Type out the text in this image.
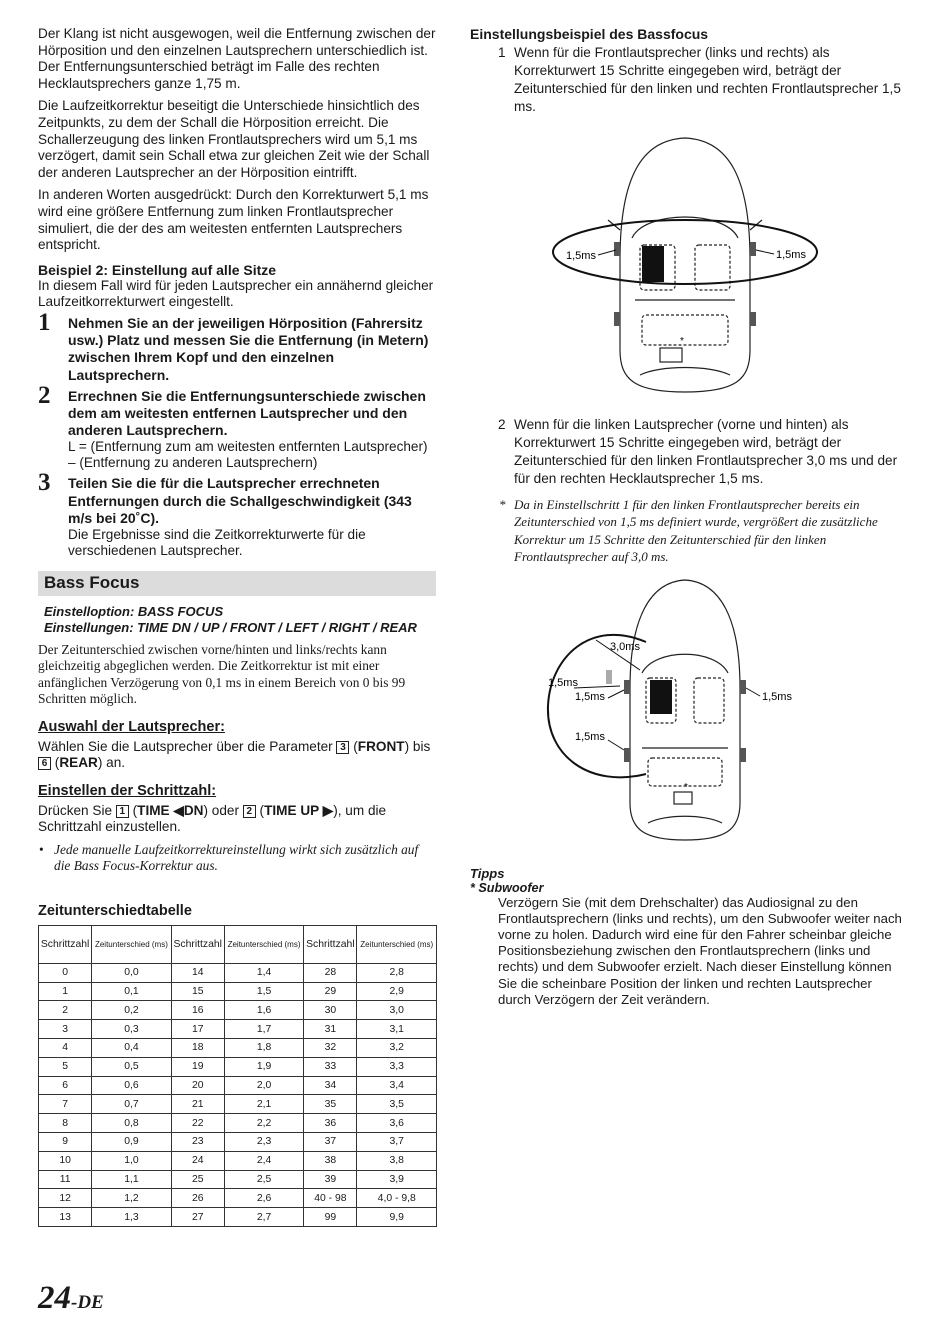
Der Klang ist nicht ausgewogen, weil die Entfernung zwischen der Hörposition und den einzelnen Lautsprechern unterschiedlich ist.

Der Entfernungsunterschied beträgt im Falle des rechten Hecklautsprechers ganze 1,75 m.

Die Laufzeitkorrektur beseitigt die Unterschiede hinsichtlich des Zeitpunkts, zu dem der Schall die Hörposition erreicht. Die Schallerzeugung des linken Frontlautsprechers wird um 5,1 ms verzögert, damit sein Schall etwa zur gleichen Zeit wie der Schall der anderen Lautsprecher an der Hörposition eintrifft.

In anderen Worten ausgedrückt: Durch den Korrekturwert 5,1 ms wird eine größere Entfernung zum linken Frontlautsprecher simuliert, die der des am weitesten entfernten Lautsprechers entspricht.

Beispiel 2: Einstellung auf alle Sitze

In diesem Fall wird für jeden Lautsprecher ein annähernd gleicher Laufzeitkorrekturwert eingestellt.

1 Nehmen Sie an der jeweiligen Hörposition (Fahrersitz usw.) Platz und messen Sie die Entfernung (in Metern) zwischen Ihrem Kopf und den einzelnen Lautsprechern.
2 Errechnen Sie die Entfernungsunterschiede zwischen dem am weitesten entfernen Lautsprecher und den anderen Lautsprechern.
L = (Entfernung zum am weitesten entfernten Lautsprecher) – (Entfernung zu anderen Lautsprechern)
3 Teilen Sie die für die Lautsprecher errechneten Entfernungen durch die Schallgeschwindigkeit (343 m/s bei 20˚C).
Die Ergebnisse sind die Zeitkorrekturwerte für die verschiedenen Lautsprecher.
Bass Focus
Einstelloption: BASS FOCUS
Einstellungen: TIME DN / UP / FRONT / LEFT / RIGHT / REAR

Der Zeitunterschied zwischen vorne/hinten und links/rechts kann gleichzeitig abgeglichen werden. Die Zeitkorrektur ist mit einer anfänglichen Verzögerung von 0,1 ms in einem Bereich von 0 bis 99 Schritten möglich.

Auswahl der Lautsprecher:

Wählen Sie die Lautsprecher über die Parameter 3 (FRONT) bis 6 (REAR) an.

Einstellen der Schrittzahl:

Drücken Sie 1 (TIME ◀DN) oder 2 (TIME UP ▶), um die Schrittzahl einzustellen.

• Jede manuelle Laufzeitkorrektureinstellung wirkt sich zusätzlich auf die Bass Focus-Korrektur aus.
Zeitunterschiedtabelle
Schrittzahl	Zeitunterschied (ms)	Schrittzahl	Zeitunterschied (ms)	Schrittzahl	Zeitunterschied (ms)
0	0,0	14	1,4	28	2,8
1	0,1	15	1,5	29	2,9
2	0,2	16	1,6	30	3,0
3	0,3	17	1,7	31	3,1
4	0,4	18	1,8	32	3,2
5	0,5	19	1,9	33	3,3
6	0,6	20	2,0	34	3,4
7	0,7	21	2,1	35	3,5
8	0,8	22	2,2	36	3,6
9	0,9	23	2,3	37	3,7
10	1,0	24	2,4	38	3,8
11	1,1	25	2,5	39	3,9
12	1,2	26	2,6	40 - 98	4,0 - 9,8
13	1,3	27	2,7	99	9,9
24-DE
Einstellungsbeispiel des Bassfocus
1 Wenn für die Frontlautsprecher (links und rechts) als Korrekturwert 15 Schritte eingegeben wird, beträgt der Zeitunterschied für den linken und rechten Frontlautsprecher 1,5 ms.
1,5ms	1,5ms
*
2 Wenn für die linken Lautsprecher (vorne und hinten) als Korrekturwert 15 Schritte eingegeben wird, beträgt der Zeitunterschied für den linken Frontlautsprecher 3,0 ms und der für den rechten Hecklautsprecher 1,5 ms.
* Da in Einstellschritt 1 für den linken Frontlautsprecher bereits ein Zeitunterschied von 1,5 ms definiert wurde, vergrößert die zusätzliche Korrektur um 15 Schritte den Zeitunterschied für den linken Frontlautsprecher auf 3,0 ms.
3,0ms
1,5ms
1,5ms
1,5ms
1,5ms
*
Tipps
* Subwoofer
Verzögern Sie (mit dem Drehschalter) das Audiosignal zu den Frontlautsprechern (links und rechts), um den Subwoofer weiter nach vorne zu holen. Dadurch wird eine für den Fahrer scheinbar gleiche Positionsbeziehung zwischen den Frontlautsprechern (links und rechts) und dem Subwoofer erzielt. Nach dieser Einstellung können Sie die scheinbare Position der linken und rechten Lautsprecher durch Verzögern der Zeit verändern.
